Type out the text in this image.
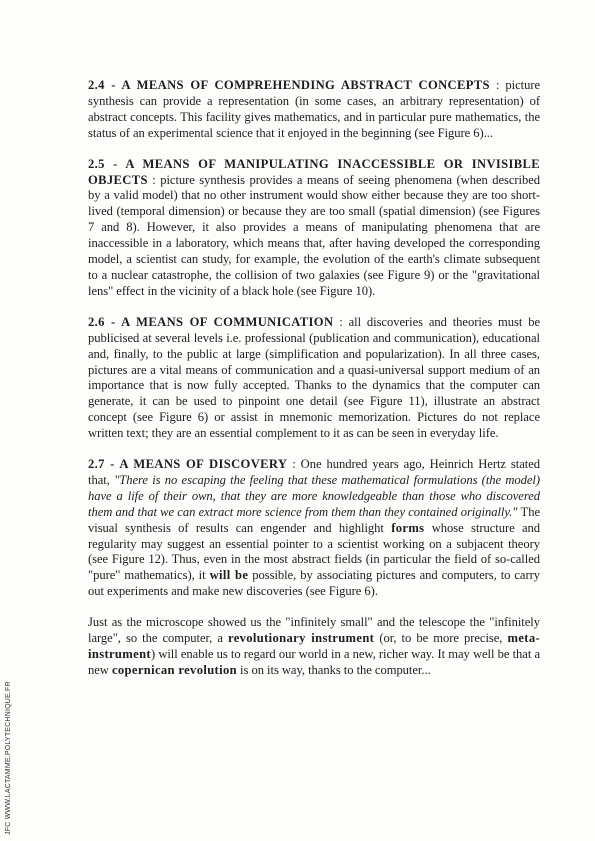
2.4 - A MEANS OF COMPREHENDING ABSTRACT CONCEPTS : picture synthesis can provide a representation (in some cases, an arbitrary representation) of abstract concepts. This facility gives mathematics, and in particular pure mathematics, the status of an experimental science that it enjoyed in the beginning (see Figure 6)...

2.5 - A MEANS OF MANIPULATING INACCESSIBLE OR INVISIBLE OBJECTS : picture synthesis provides a means of seeing phenomena (when described by a valid model) that no other instrument would show either because they are too short-lived (temporal dimension) or because they are too small (spatial dimension) (see Figures 7 and 8). However, it also provides a means of manipulating phenomena that are inaccessible in a laboratory, which means that, after having developed the corresponding model, a scientist can study, for example, the evolution of the earth's climate subsequent to a nuclear catastrophe, the collision of two galaxies (see Figure 9) or the "gravitational lens" effect in the vicinity of a black hole (see Figure 10).

2.6 - A MEANS OF COMMUNICATION : all discoveries and theories must be publicised at several levels i.e. professional (publication and communication), educational and, finally, to the public at large (simplification and popularization). In all three cases, pictures are a vital means of communication and a quasi-universal support medium of an importance that is now fully accepted. Thanks to the dynamics that the computer can generate, it can be used to pinpoint one detail (see Figure 11), illustrate an abstract concept (see Figure 6) or assist in mnemonic memorization. Pictures do not replace written text; they are an essential complement to it as can be seen in everyday life.

2.7 - A MEANS OF DISCOVERY : One hundred years ago, Heinrich Hertz stated that, "There is no escaping the feeling that these mathematical formulations (the model) have a life of their own, that they are more knowledgeable than those who discovered them and that we can extract more science from them than they contained originally." The visual synthesis of results can engender and highlight forms whose structure and regularity may suggest an essential pointer to a scientist working on a subjacent theory (see Figure 12). Thus, even in the most abstract fields (in particular the field of so-called "pure" mathematics), it will be possible, by associating pictures and computers, to carry out experiments and make new discoveries (see Figure 6).

Just as the microscope showed us the "infinitely small" and the telescope the "infinitely large", so the computer, a revolutionary instrument (or, to be more precise, meta-instrument) will enable us to regard our world in a new, richer way. It may well be that a new copernican revolution is on its way, thanks to the computer...

JFC WWW.LACTAMME.POLYTECHNIQUE.FR
